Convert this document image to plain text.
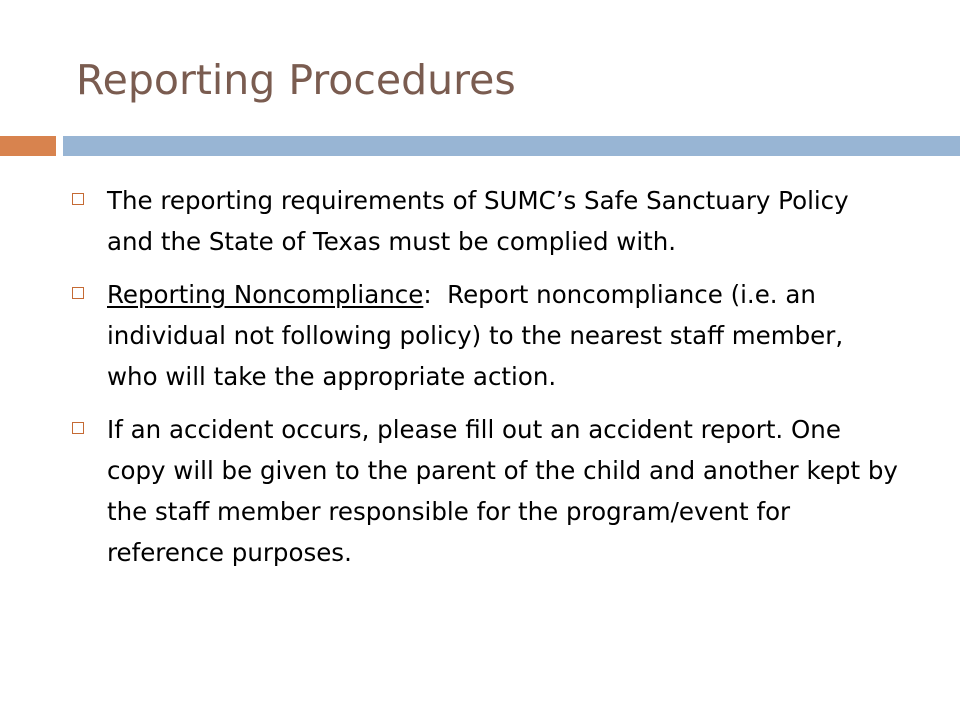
Reporting Procedures
The reporting requirements of SUMC’s Safe Sanctuary Policy and the State of Texas must be complied with.
Reporting Noncompliance:  Report noncompliance (i.e. an individual not following policy) to the nearest staff member, who will take the appropriate action.
If an accident occurs, please fill out an accident report. One copy will be given to the parent of the child and another kept by the staff member responsible for the program/event for reference purposes.
